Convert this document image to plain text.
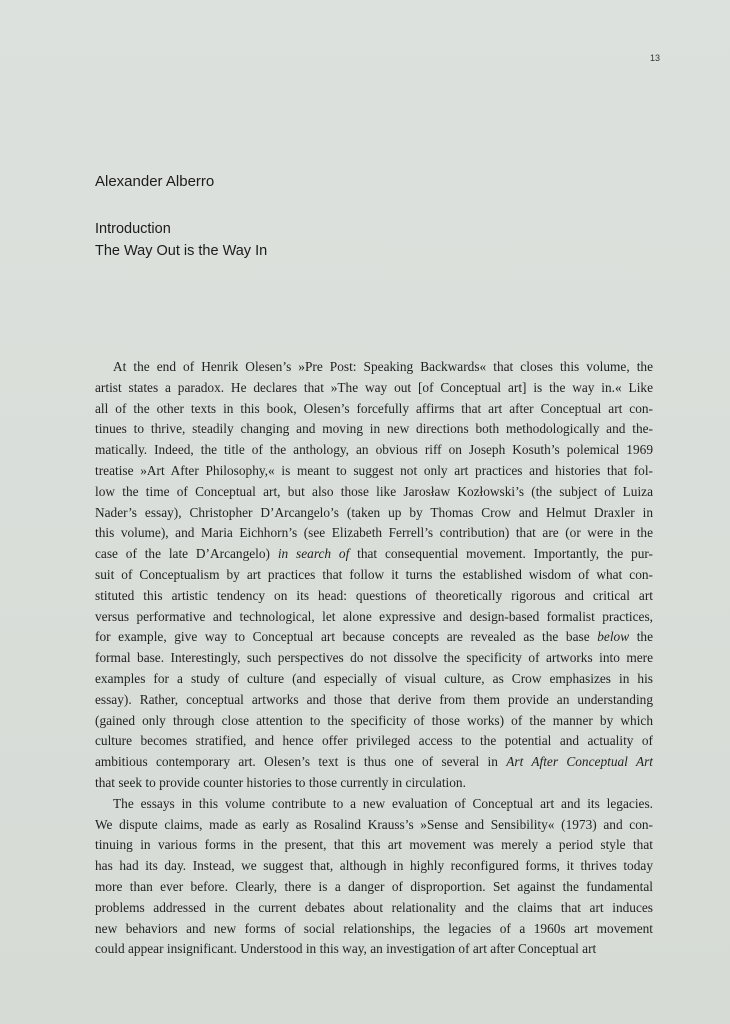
13
Alexander Alberro
Introduction
The Way Out is the Way In
At the end of Henrik Olesen’s »Pre Post: Speaking Backwards« that closes this volume, the
artist states a paradox. He declares that »The way out [of Conceptual art] is the way in.« Like
all of the other texts in this book, Olesen’s forcefully affirms that art after Conceptual art con-
tinues to thrive, steadily changing and moving in new directions both methodologically and the-
matically. Indeed, the title of the anthology, an obvious riff on Joseph Kosuth’s polemical 1969
treatise »Art After Philosophy,« is meant to suggest not only art practices and histories that fol-
low the time of Conceptual art, but also those like Jarosław Kozłowski’s (the subject of Luiza
Nader’s essay), Christopher D’Arcangelo’s (taken up by Thomas Crow and Helmut Draxler in
this volume), and Maria Eichhorn’s (see Elizabeth Ferrell’s contribution) that are (or were in the
case of the late D’Arcangelo) in search of that consequential movement. Importantly, the pur-
suit of Conceptualism by art practices that follow it turns the established wisdom of what con-
stituted this artistic tendency on its head: questions of theoretically rigorous and critical art
versus performative and technological, let alone expressive and design-based formalist practices,
for example, give way to Conceptual art because concepts are revealed as the base below the
formal base. Interestingly, such perspectives do not dissolve the specificity of artworks into mere
examples for a study of culture (and especially of visual culture, as Crow emphasizes in his
essay). Rather, conceptual artworks and those that derive from them provide an understanding
(gained only through close attention to the specificity of those works) of the manner by which
culture becomes stratified, and hence offer privileged access to the potential and actuality of
ambitious contemporary art. Olesen’s text is thus one of several in Art After Conceptual Art
that seek to provide counter histories to those currently in circulation.
The essays in this volume contribute to a new evaluation of Conceptual art and its legacies.
We dispute claims, made as early as Rosalind Krauss’s »Sense and Sensibility« (1973) and con-
tinuing in various forms in the present, that this art movement was merely a period style that
has had its day. Instead, we suggest that, although in highly reconfigured forms, it thrives today
more than ever before. Clearly, there is a danger of disproportion. Set against the fundamental
problems addressed in the current debates about relationality and the claims that art induces
new behaviors and new forms of social relationships, the legacies of a 1960s art movement
could appear insignificant. Understood in this way, an investigation of art after Conceptual art
